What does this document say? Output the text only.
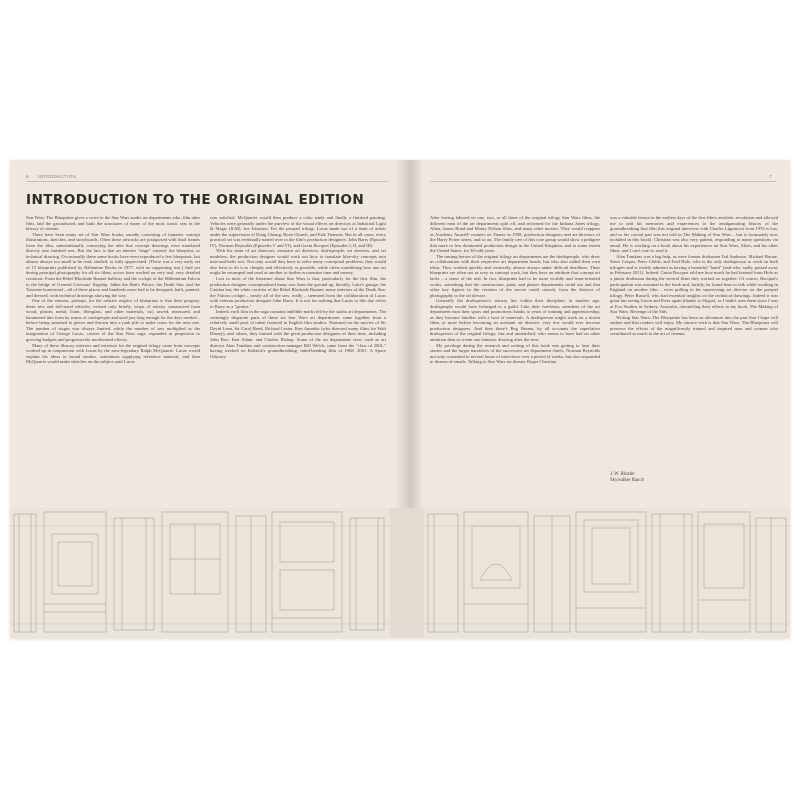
6 INTRODUCTION	7
INTRODUCTION TO THE ORIGINAL EDITION

Star Wars: The Blueprints gives a voice to the Star Wars studio art departments who, film after film, laid the groundwork and built the structures of many of the most iconic sets in the history of cinema.

There have been many art of Star Wars books, usually consisting of fantastic concept illustrations, sketches, and storyboards. Often these artworks are juxtaposed with final frames from the film, unintentionally conveying the idea that concept drawings were translated directly into finished sets. But the fact is that an interim "stage" existed: the blueprint, or technical drawing. Occasionally these same books have even reproduced a few blueprints, but almost always too small to be read, studied, or fully appreciated. (There was a very early set of 15 blueprints published by Ballantine Books in 1977, with no supporting text.) And yet during principal photography for all six films, actors have worked on very real, very detailed creations. From the Rebel Blockade Runner hallway and the cockpit of the Millennium Falcon to the bridge of General Grievous' flagship, Jabba the Hutt's Palace, the Death Star, and the Tatooine homestead – all of these places and hundreds more had to be designed, built, painted, and dressed, with technical drawings showing the way.

One of the reasons, perhaps, for the relative neglect of blueprints is that their progeny, these sets and full-sized vehicles, existed only briefly, wisps of artistry constructed from wood, plaster, metal, foam, fiberglass, and other materials, cut, sawed, measured, and hammered into form by teams of craftspeople and used just long enough for the days needed – before being smashed to pieces and thrown into a junk pile to make room for the next one. The number of stages was always limited, while the number of sets multiplied as the imagination of George Lucas, creator of the Star Wars saga, expanded in proportion to growing budgets and progressively modernized effects.

Many of these illusory interiors and exteriors for the original trilogy came from concepts worked up in conjunction with Lucas by the now-legendary Ralph McQuarrie. Lucas would explain his ideas in broad strokes, sometimes supplying reference material, and then McQuarrie would make sketches on the subject until Lucas

was satisfied. McQuarrie would then produce a color study and finally a finished painting. Vehicles were generally under the purview of the visual effects art directors at Industrial Light & Magic (ILM), Joe Johnston. For the prequel trilogy, Lucas made use of a team of artists under the supervision of Doug Chiang, Ryan Church, and Erik Tiemens. But in all cases, every practical set was eventually turned over to the film's production designers: John Barry (Episode IV), Norman Reynolds (Episodes V and VI), and Gavin Bocquet (Episodes I, II, and III).

With his team of art directors, assistant art directors, draftspeople, set dressers, and set modelers, the production designer would work out how to translate blue-sky concepts into nuts-and-bolts sets. Not only would they have to solve many conceptual problems, they would also have to do it as cheaply and effectively as possible, while often considering how one set might be revamped and used as another to further economize time and money.

Lost in most of the literature about Star Wars is that, particularly for the first film, the production designer conceptualized many sets from the ground up, literally. Luke's garage, the Cantina bar, the white corridor of the Rebel Blockade Runner, many interiors of the Death Star, the Falcon cockpit – nearly all of the sets, really – stemmed from the collaboration of Lucas with veteran production designer John Barry. It is not for nothing that Lucas to this day refers to Barry as a "genius."

Indeed, each film in the saga contains indelible marks left by the studio art departments. The seemingly disparate parts of these six Star Wars art departments came together from a relatively small pool of talent fostered in English film studios. Nurtured on the movies of Sir David Lean, Sir Carol Reed, Richard Lester, Ken Annakin (who directed many films for Walt Disney), and others, they trained with the great production designers of their time, including John Box, Ken Adam, and Charles Bishop. Some of the art department crew, such as art director Alan Tomkins and construction manager Bill Welch, came from the "class of 2001," having worked on Kubrick's groundbreaking, mind-bending film of 1968, 2001: A Space Odyssey.

After having labored on one, two, or all three of the original trilogy Star Wars films, the different men of the art departments split off, and reformed for the Indiana Jones trilogy, Alien, James Bond and Monty Python films, and many other movies. They would reappear as Academy Award® winners on Titanic in 1998, production designers and art directors of the Harry Potter series, and so on. The family tree of this core group would show a pedigree that more or less dominated production design in the United Kingdom, and to some extent the United States, for 30-odd years.

The unsung heroes of the original trilogy art departments are the draftspeople, who drew in collaboration with their respective art department heads, but who also added their own ideas. They worked quickly and creatively, almost always under difficult deadlines. Their blueprints are often not as sexy as concept work, but they have an attribute that concept art lacks – a sense of the real. In fact, blueprints had to be more worldly and team-oriented works, something that the construction, paint, and plaster departments could use and that other key figures in the creation of the movie could consult, from the director of photography to the set dresser.

Generally the draftsperson's artistry lies within their discipline: in another age, draftspeople would have belonged to a guild. Like their forebears, members of the art department earn their spurs and promotions thanks to years of training and apprenticeship; as they become familiar with a host of materials. A draftsperson might work on a dozen films or more before becoming an assistant art director; very few would ever become production designers. And then there's Reg Bream, by all accounts the superlative draftsperson of the original trilogy, fast and unmatched, who seems to have had no other ambition than to create one fantastic drawing after the next.

My privilege during the research and writing of this book was getting to hear their stories and the larger narratives of the successive art department chiefs. Norman Reynolds not only consented to several hours of interviews over a period of weeks, but also responded to dozens of emails. Talking to Star Wars set dresser Roger Christian

was a valuable lesson in the earliest days of the first film's aesthetic revolution and allowed me to add his memories and experiences to the amalgamating history of the groundbreaking first film (his original interview with Charles Lippincott from 1976 is lost, and so his crucial part was not told in The Making of Star Wars – but is fortunately now included in this book). Christian was also very patient, responding to many questions via email. He is working on a book about his experiences on Star Wars, Alien, and his other films, and I can't wait to read it.

Alan Tomkins was a big help, as were former draftsmen Ted Ambrose, Michael Boone, Steve Cooper, Peter Childs, and Fred Hole, who is the only draftsperson to work on both trilogies and is widely admired as having a beautiful "hand" (and who, sadly, passed away in February 2011). Indeed, Gavin Bocquet told me how much he had learned from Hole as a junior draftsman during the several films they worked on together. Of course, Bocquet's participation was essential to the book and, luckily, he found time to talk while working in England on another film – even pulling in his supervising art director on the prequel trilogy, Peter Russell, who had essential insights on the technical drawings. Indeed it was great fun seeing Gavin and Peter again (thanks to Skype), as I hadn't seen them since I was at Fox Studios in Sydney, Australia, chronicling their efforts in my book, The Making of Star Wars: Revenge of the Sith.

Writing Star Wars: The Blueprints has been an adventure into the past that I hope will endure and that readers will enjoy. My sincere wish is that Star Wars: The Blueprints will preserve the efforts of the magnificently trained and inspired men and women who contributed so much to the art of cinema.

J. W. Rinzler
Skywalker Ranch
